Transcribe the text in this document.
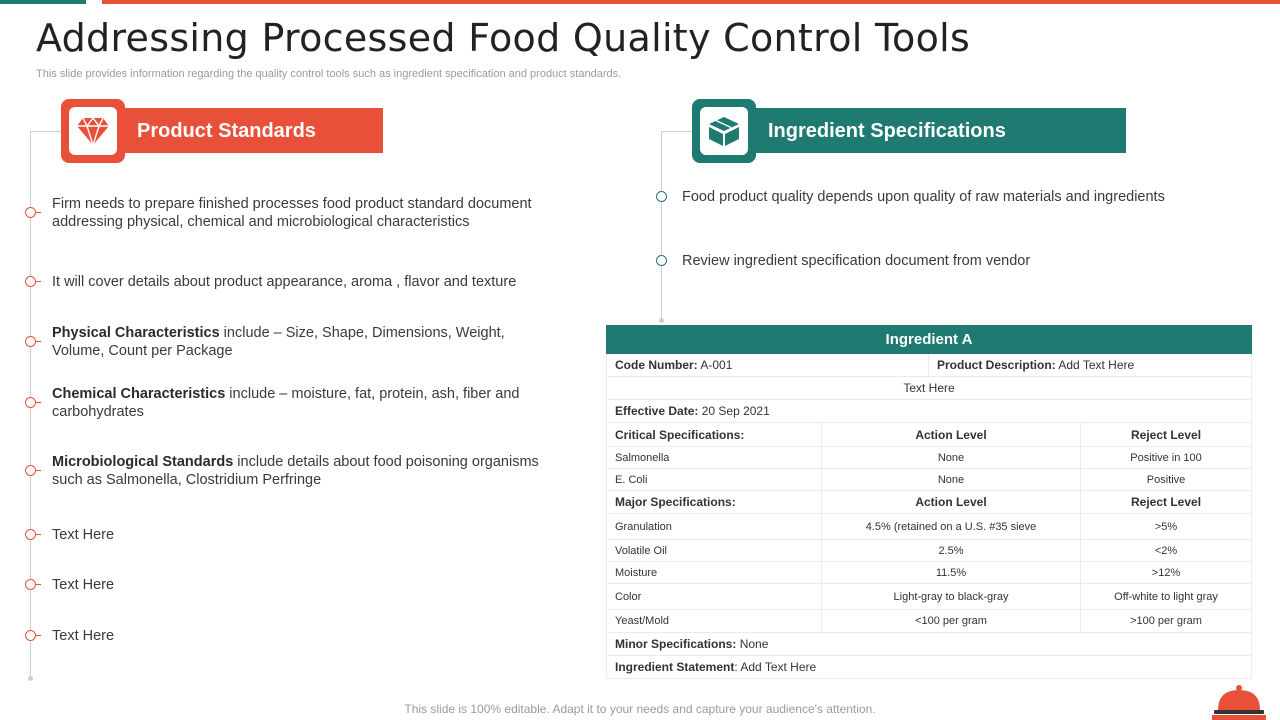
Addressing Processed Food Quality Control Tools
This slide provides information regarding the quality control tools such as ingredient specification and product standards.
Product Standards
Firm needs to prepare finished processes food product standard document addressing physical, chemical and microbiological characteristics
It will cover details about product appearance, aroma , flavor and texture
Physical Characteristics include – Size, Shape, Dimensions, Weight, Volume, Count per Package
Chemical Characteristics include – moisture, fat, protein, ash, fiber and carbohydrates
Microbiological Standards include details about food poisoning organisms such as Salmonella, Clostridium Perfringe
Text Here
Text Here
Text Here
Ingredient Specifications
Food product quality depends upon quality of raw materials and ingredients
Review ingredient specification document from vendor
Ingredient A			
Code Number: A-001		Product Description: Add Text Here	
Text Here			
Effective Date: 20 Sep 2021			
Critical Specifications:	Action Level		Reject Level
Salmonella	None		Positive in 100
E. Coli	None		Positive
Major Specifications:	Action Level		Reject Level
Granulation	4.5% (retained on a U.S. #35 sieve		>5%
Volatile Oil	2.5%		<2%
Moisture	11.5%		>12%
Color	Light-gray to black-gray		Off-white to light gray
Yeast/Mold	<100 per gram		>100 per gram
Minor Specifications: None			
Ingredient Statement: Add Text Here			
This slide is 100% editable. Adapt it to your needs and capture your audience's attention.
